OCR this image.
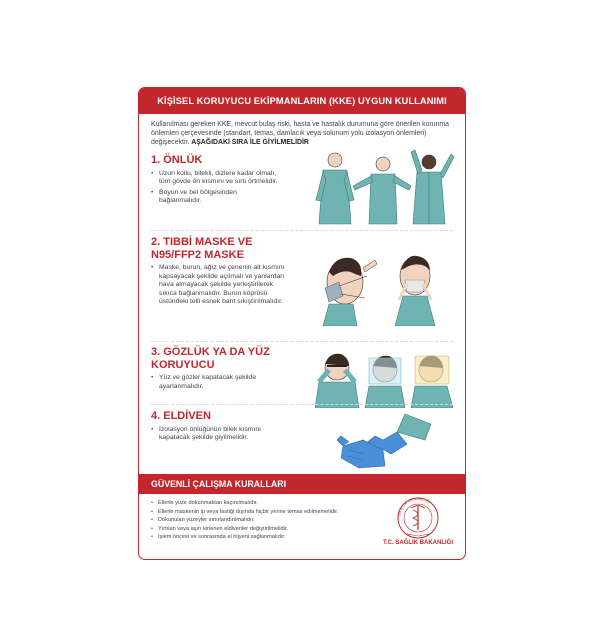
KİŞİSEL KORUYUCU EKİPMANLARIN (KKE) UYGUN KULLANIMI
Kullanılması gereken KKE, mevcut bulaş riski, hasta ve hastalık durumuna göre önerilen korunma önlemleri çerçevesinde (standart, temas, damlacık veya solunum yolu izolasyon önlemleri) değişecektir. AŞAĞIDAKİ SIRA İLE GİYİLMELİDİR
1. ÖNLÜK
• Uzun kollu, bilekli, dizlere kadar olmalı, tüm gövde ön kısmını ve sırtı örtmelidir.
• Boyun ve bel bölgesinden bağlanmalıdır.
2. TIBBİ MASKE VE N95/FFP2 MASKE
• Maske, burun, ağız ve çenenin alt kısmını kapsayacak şekilde açılmalı ve yanlardan hava almayacak şekilde yerleştirilerek sıkıca bağlanmalıdır. Burun köprüsü üstündeki telli esnek bant sıkıştırılmalıdır.
3. GÖZLÜK YA DA YÜZ KORUYUCU
• Yüz ve gözler kapatacak şekilde ayarlanmalıdır.
4. ELDİVEN
• İzolasyon önlüğünün bilek kısmını kapatacak şekilde giyilmelidir.
GÜVENLİ ÇALIŞMA KURALLARI
• Ellerle yüze dokunmaktan kaçınılmalıdır.
• Ellerle maskenin ip veya lastiği dışında hiçbir yerine temas edilmemelidir.
• Dokunulan yüzeyler sınırlandırılmalıdır.
• Yırtılan veya aşırı kirlenen eldivenler değiştirilmelidir.
• İşlem öncesi ve sonrasında el hijyeni sağlanmalıdır.
SAĞLIK BAKANLIĞI
T.C. SAĞLIK BAKANLIĞI
